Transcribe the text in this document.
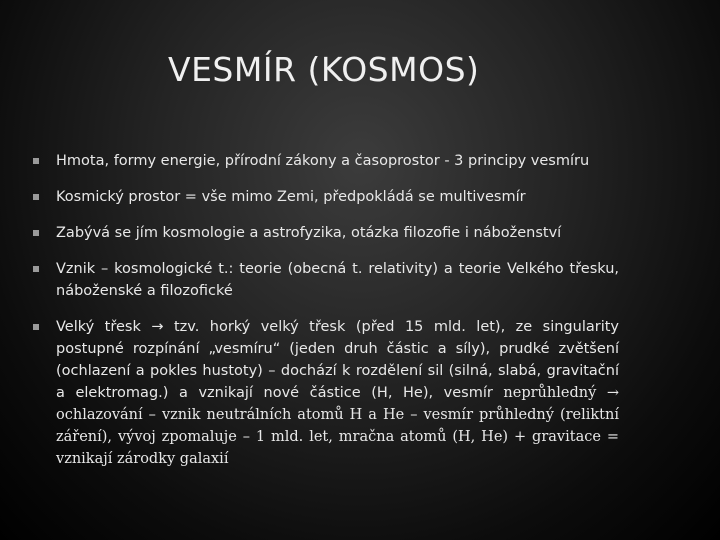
VESMÍR (KOSMOS)
Hmota, formy energie, přírodní zákony a časoprostor - 3 principy vesmíru
Kosmický prostor = vše mimo Zemi, předpokládá se multivesmír
Zabývá se jím kosmologie a astrofyzika, otázka filozofie i náboženství
Vznik – kosmologické t.: teorie (obecná t. relativity) a teorie Velkého třesku, náboženské a filozofické
Velký třesk → tzv. horký velký třesk (před 15 mld. let), ze singularity postupné rozpínání „vesmíru“ (jeden druh částic a síly), prudké zvětšení (ochlazení a pokles hustoty) – dochází k rozdělení sil (silná, slabá, gravitační a elektromag.) a vznikají nové částice (H, He), vesmír neprůhledný → ochlazování – vznik neutrálních atomů H a He – vesmír průhledný (reliktní záření), vývoj zpomaluje – 1 mld. let, mračna atomů (H, He) + gravitace = vznikají zárodky galaxií
